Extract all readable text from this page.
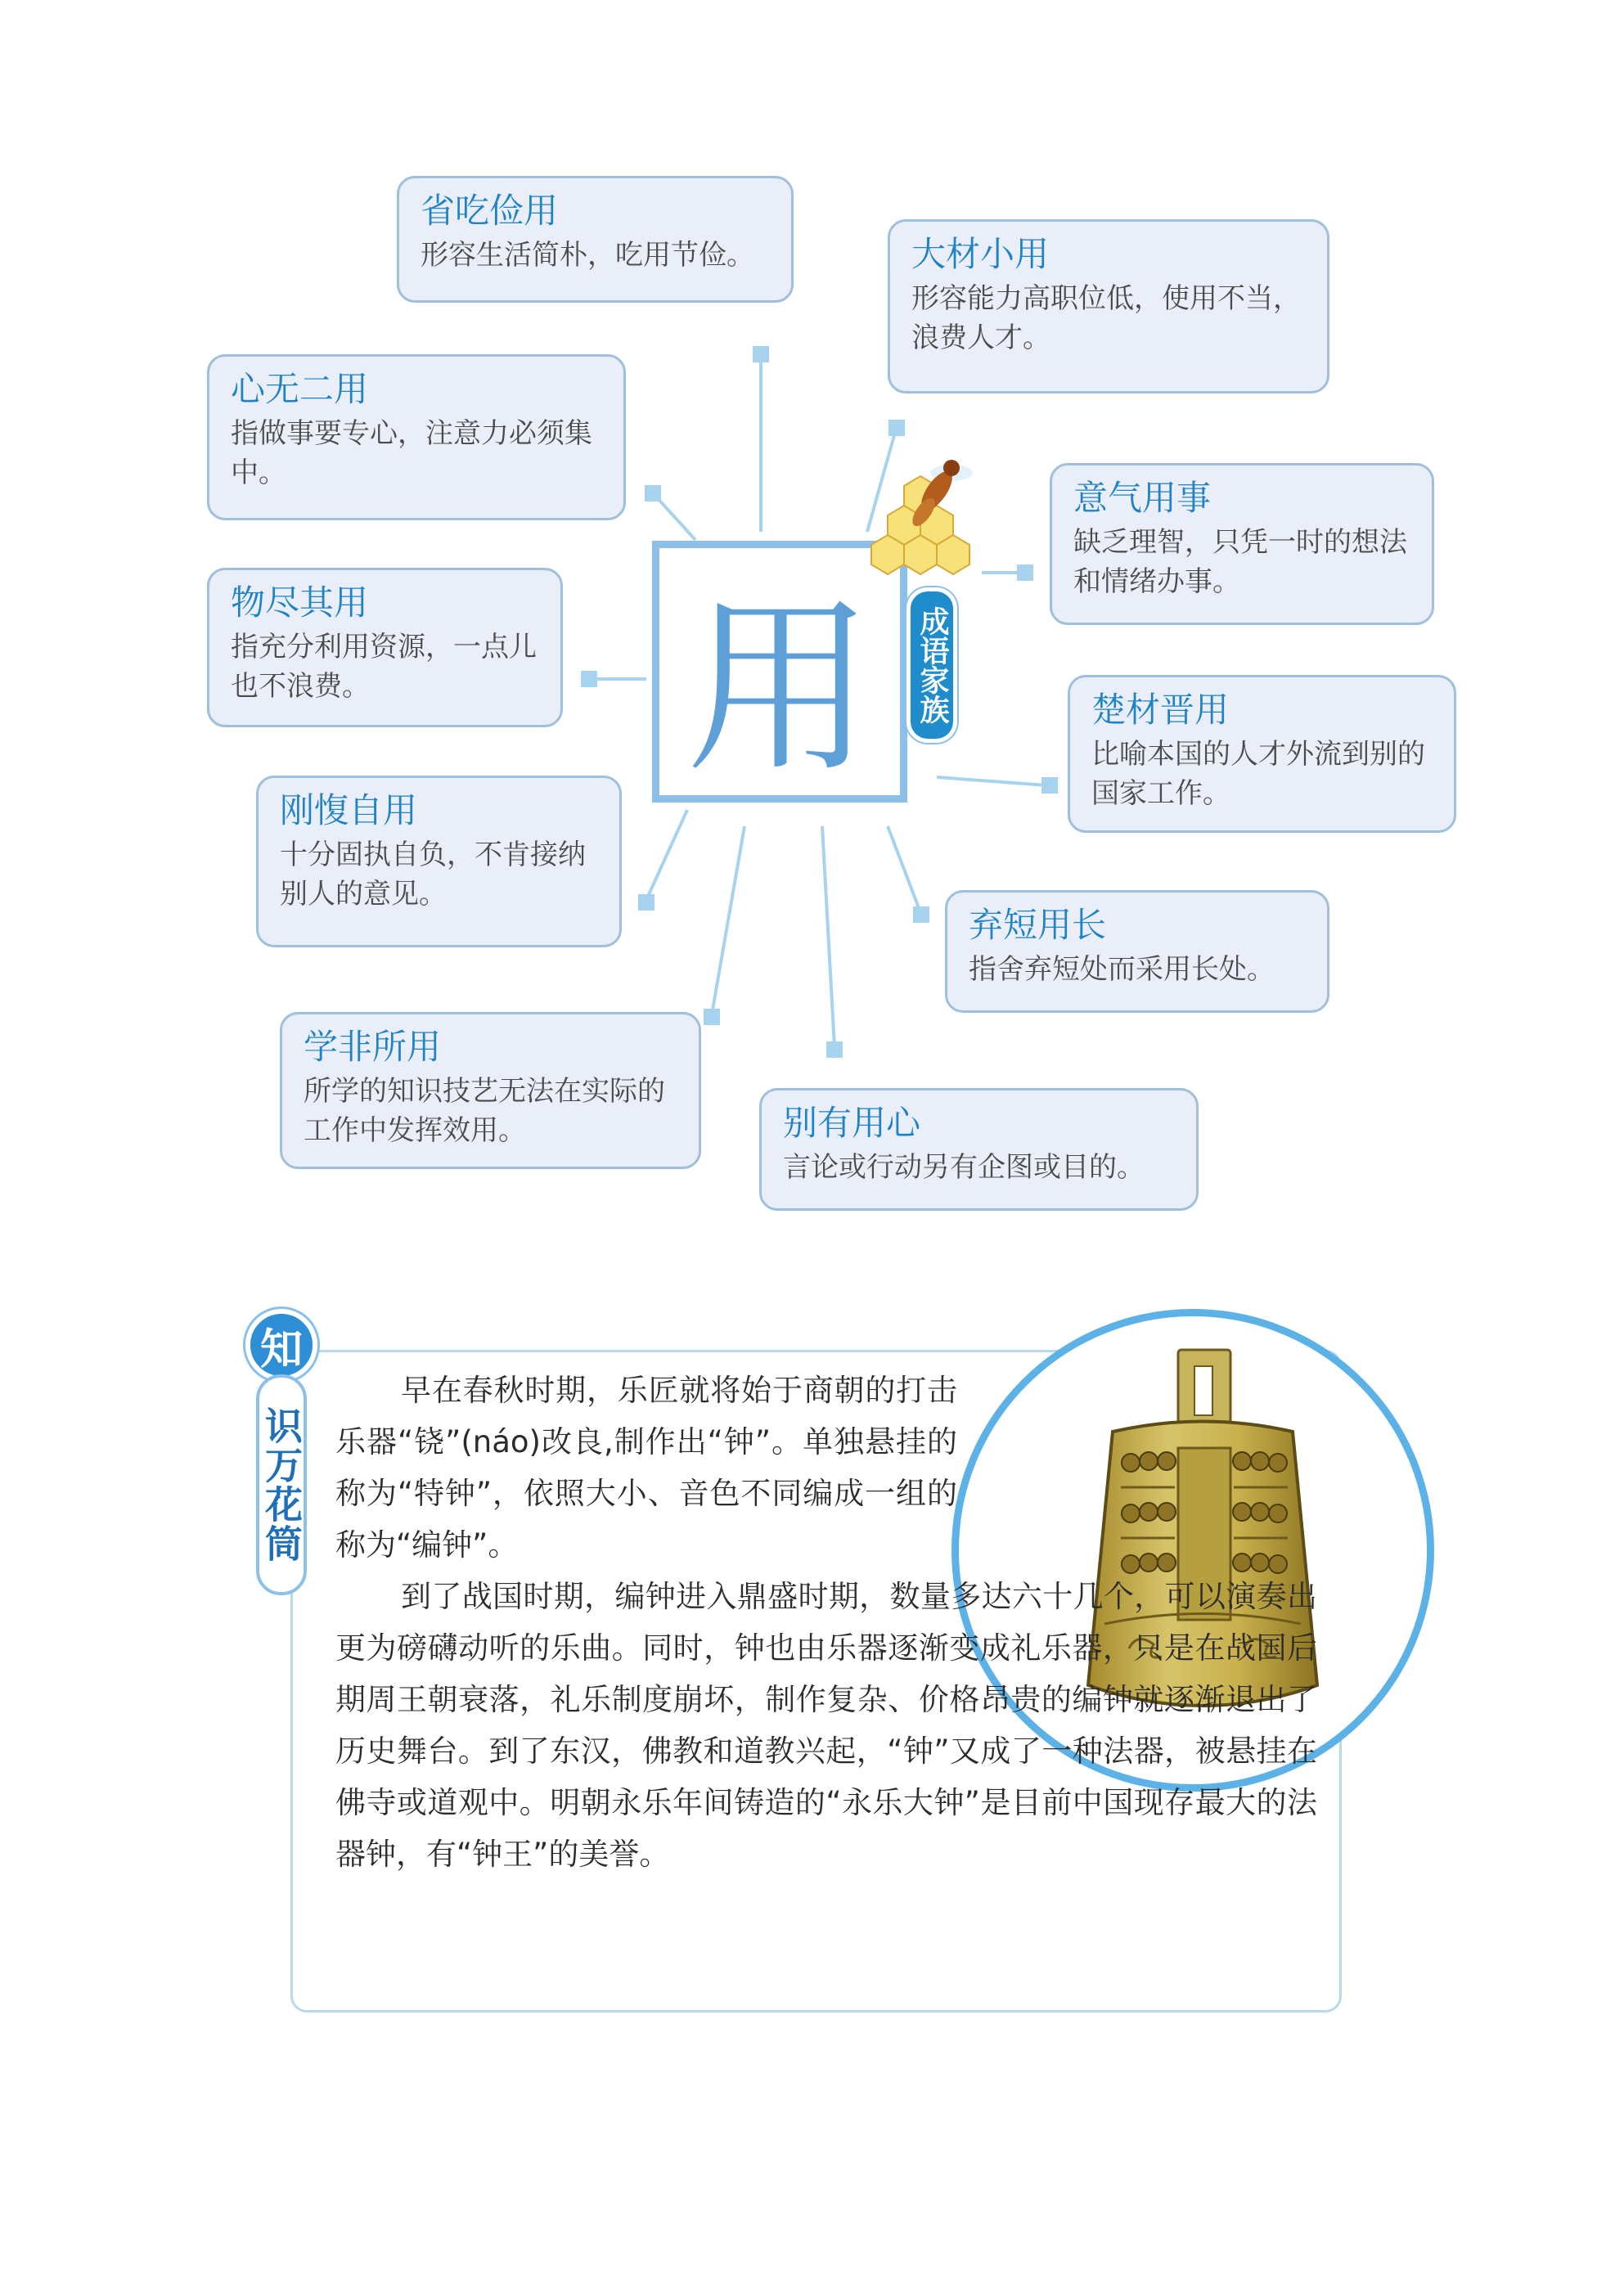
用	成语家族
省吃俭用
形容生活简朴，吃用节俭。	大材小用
形容能力高职位低，使用不当，浪费人才。
心无二用
指做事要专心，注意力必须集中。
意气用事
缺乏理智，只凭一时的想法和情绪办事。
物尽其用
指充分利用资源，一点儿也不浪费。
楚材晋用
比喻本国的人才外流到别的国家工作。
刚愎自用
十分固执自负，不肯接纳别人的意见。
弃短用长
指舍弃短处而采用长处。
学非所用
所学的知识技艺无法在实际的工作中发挥效用。	别有用心
言论或行动另有企图或目的。
知
识万花筒
早在春秋时期，乐匠就将始于商朝的打击乐器“铙”(náo)改良,制作出“钟”。单独悬挂的称为“特钟”，依照大小、音色不同编成一组的称为“编钟”。
到了战国时期，编钟进入鼎盛时期，数量多达六十几个，可以演奏出更为磅礴动听的乐曲。同时，钟也由乐器逐渐变成礼乐器，只是在战国后期周王朝衰落，礼乐制度崩坏，制作复杂、价格昂贵的编钟就逐渐退出了历史舞台。到了东汉，佛教和道教兴起，“钟”又成了一种法器，被悬挂在佛寺或道观中。明朝永乐年间铸造的“永乐大钟”是目前中国现存最大的法器钟，有“钟王”的美誉。
